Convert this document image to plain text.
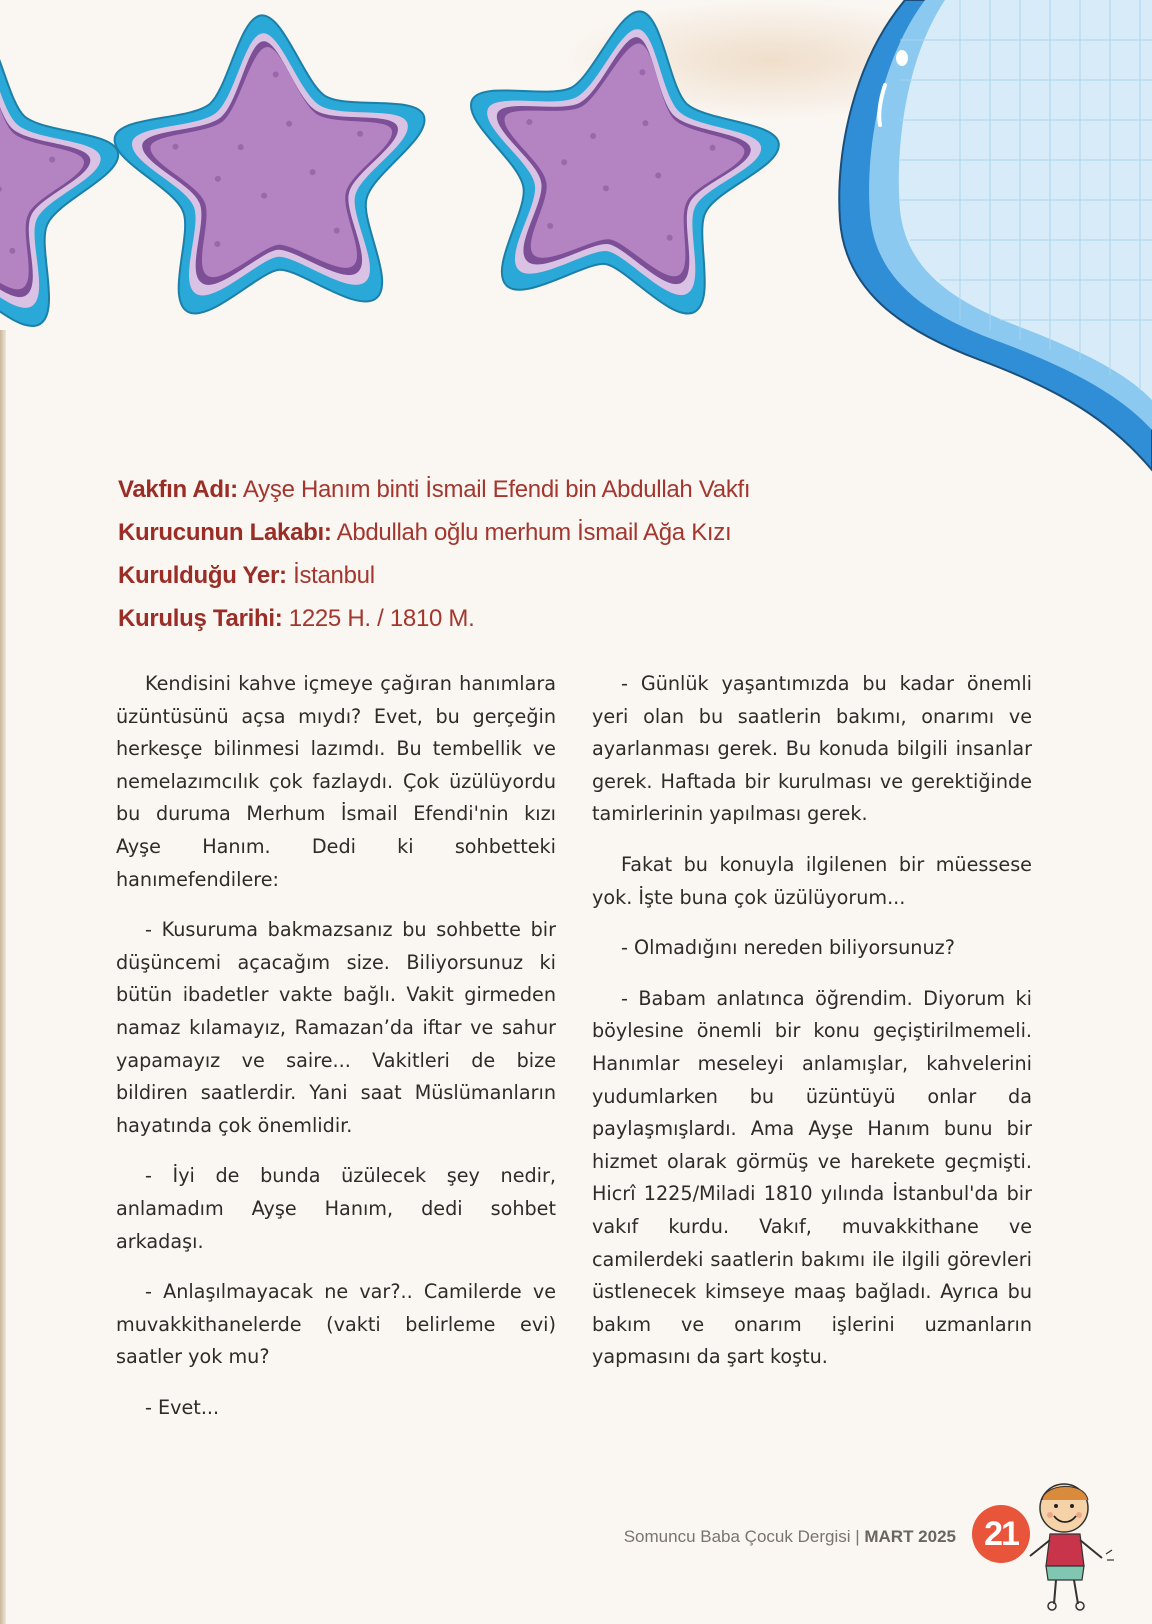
Vakfın Adı: Ayşe Hanım binti İsmail Efendi bin Abdullah Vakfı
Kurucunun Lakabı: Abdullah oğlu merhum İsmail Ağa Kızı
Kurulduğu Yer: İstanbul
Kuruluş Tarihi: 1225 H. / 1810 M.

Kendisini kahve içmeye çağıran hanımlara üzüntüsünü açsa mıydı? Evet, bu gerçeğin herkesçe bilinmesi lazımdı. Bu tembellik ve nemelazımcılık çok fazlaydı. Çok üzülüyordu bu duruma Merhum İsmail Efendi'nin kızı Ayşe Hanım. Dedi ki sohbetteki hanımefendilere:

- Kusuruma bakmazsanız bu sohbette bir düşüncemi açacağım size. Biliyorsunuz ki bütün ibadetler vakte bağlı. Vakit girmeden namaz kılamayız, Ramazan’da iftar ve sahur yapamayız ve saire... Vakitleri de bize bildiren saatlerdir. Yani saat Müslümanların hayatında çok önemlidir.

- İyi de bunda üzülecek şey nedir, anlamadım Ayşe Hanım, dedi sohbet arkadaşı.

- Anlaşılmayacak ne var?.. Camilerde ve muvakkithanelerde (vakti belirleme evi) saatler yok mu?

- Evet...

- Günlük yaşantımızda bu kadar önemli yeri olan bu saatlerin bakımı, onarımı ve ayarlanması gerek. Bu konuda bilgili insanlar gerek. Haftada bir kurulması ve gerektiğinde tamirlerinin yapılması gerek.

Fakat bu konuyla ilgilenen bir müessese yok. İşte buna çok üzülüyorum...

- Olmadığını nereden biliyorsunuz?

- Babam anlatınca öğrendim. Diyorum ki böylesine önemli bir konu geçiştirilmemeli. Hanımlar meseleyi anlamışlar, kahvelerini yudumlarken bu üzüntüyü onlar da paylaşmışlardı. Ama Ayşe Hanım bunu bir hizmet olarak görmüş ve harekete geçmişti. Hicrî 1225/Miladi 1810 yılında İstanbul'da bir vakıf kurdu. Vakıf, muvakkithane ve camilerdeki saatlerin bakımı ile ilgili görevleri üstlenecek kimseye maaş bağladı. Ayrıca bu bakım ve onarım işlerini uzmanların yapmasını da şart koştu.

Somuncu Baba Çocuk Dergisi | MART 2025 21
